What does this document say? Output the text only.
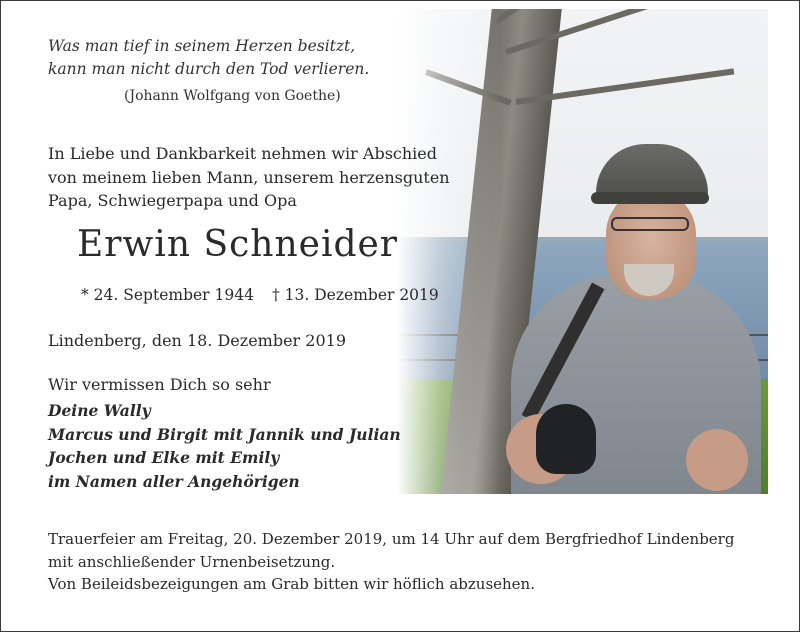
Was man tief in seinem Herzen besitzt,
kann man nicht durch den Tod verlieren.
(Johann Wolfgang von Goethe)
In Liebe und Dankbarkeit nehmen wir Abschied
von meinem lieben Mann, unserem herzensguten
Papa, Schwiegerpapa und Opa
Erwin Schneider
* 24. September 1944 † 13. Dezember 2019
Lindenberg, den 18. Dezember 2019
Wir vermissen Dich so sehr
Deine Wally
Marcus und Birgit mit Jannik und Julian
Jochen und Elke mit Emily
im Namen aller Angehörigen
Trauerfeier am Freitag, 20. Dezember 2019, um 14 Uhr auf dem Bergfriedhof Lindenberg
mit anschließender Urnenbeisetzung.
Von Beileidsbezeigungen am Grab bitten wir höflich abzusehen.
